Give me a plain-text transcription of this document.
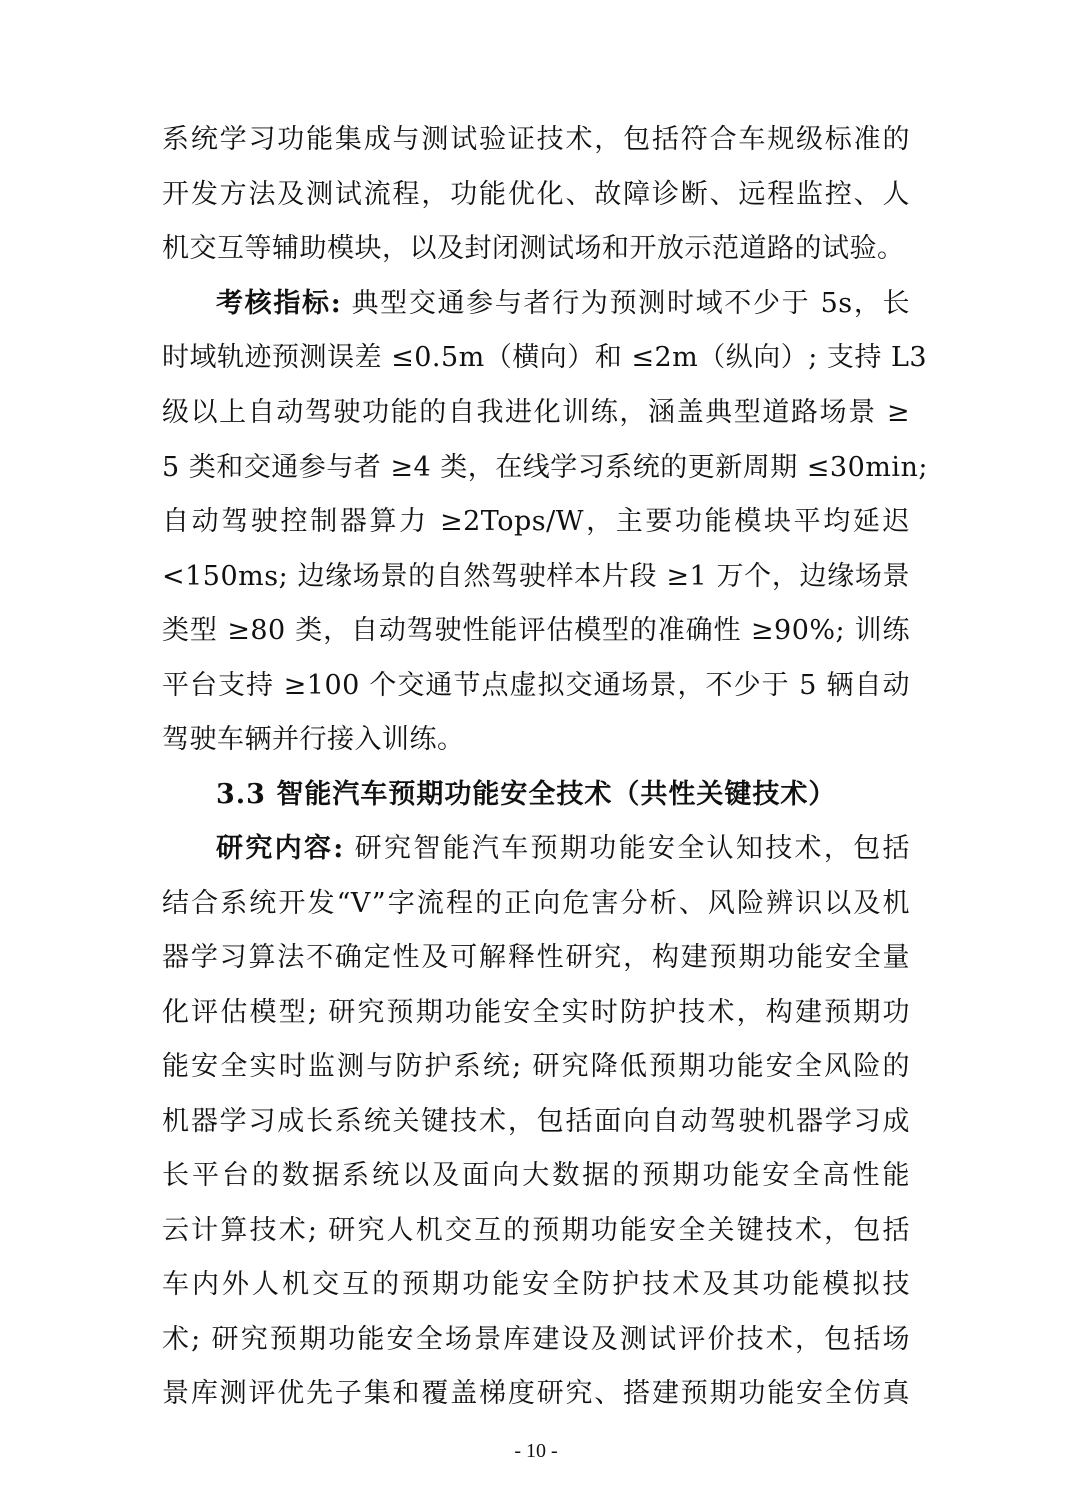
系统学习功能集成与测试验证技术，包括符合车规级标准的
开发方法及测试流程，功能优化、故障诊断、远程监控、人
机交互等辅助模块，以及封闭测试场和开放示范道路的试验。
考核指标: 典型交通参与者行为预测时域不少于 5s，长
时域轨迹预测误差 ≤0.5m（横向）和 ≤2m（纵向）; 支持 L3
级以上自动驾驶功能的自我进化训练，涵盖典型道路场景 ≥
5 类和交通参与者 ≥4 类，在线学习系统的更新周期 ≤30min;
自动驾驶控制器算力 ≥2Tops/W，主要功能模块平均延迟
<150ms; 边缘场景的自然驾驶样本片段 ≥1 万个，边缘场景
类型 ≥80 类，自动驾驶性能评估模型的准确性 ≥90%; 训练
平台支持 ≥100 个交通节点虚拟交通场景，不少于 5 辆自动
驾驶车辆并行接入训练。
3.3 智能汽车预期功能安全技术（共性关键技术）
研究内容: 研究智能汽车预期功能安全认知技术，包括
结合系统开发“V”字流程的正向危害分析、风险辨识以及机
器学习算法不确定性及可解释性研究，构建预期功能安全量
化评估模型; 研究预期功能安全实时防护技术，构建预期功
能安全实时监测与防护系统; 研究降低预期功能安全风险的
机器学习成长系统关键技术，包括面向自动驾驶机器学习成
长平台的数据系统以及面向大数据的预期功能安全高性能
云计算技术; 研究人机交互的预期功能安全关键技术，包括
车内外人机交互的预期功能安全防护技术及其功能模拟技
术; 研究预期功能安全场景库建设及测试评价技术，包括场
景库测评优先子集和覆盖梯度研究、搭建预期功能安全仿真
- 10 -
